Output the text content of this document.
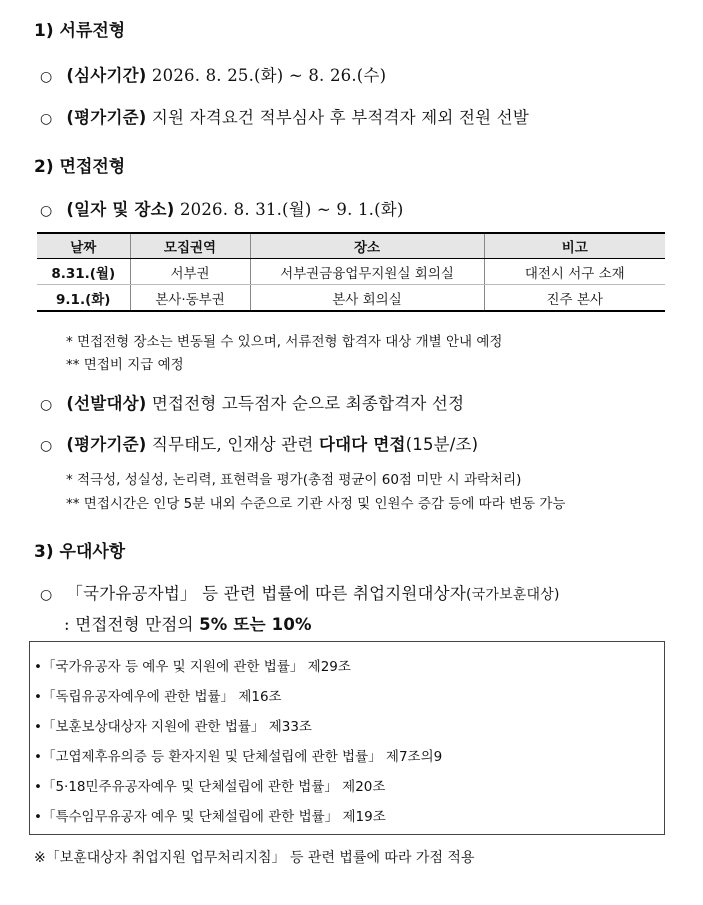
1) 서류전형
○ (심사기간) 2026. 8. 25.(화) ~ 8. 26.(수)
○ (평가기준) 지원 자격요건 적부심사 후 부적격자 제외 전원 선발
2) 면접전형
○ (일자 및 장소) 2026. 8. 31.(월) ~ 9. 1.(화)
날짜	모집권역	장소	비고
8.31.(월)	서부권	서부권금융업무지원실 회의실	대전시 서구 소재
9.1.(화)	본사·동부권	본사 회의실	진주 본사
* 면접전형 장소는 변동될 수 있으며, 서류전형 합격자 대상 개별 안내 예정
** 면접비 지급 예정
○ (선발대상) 면접전형 고득점자 순으로 최종합격자 선정
○ (평가기준) 직무태도, 인재상 관련 다대다 면접(15분/조)
* 적극성, 성실성, 논리력, 표현력을 평가(총점 평균이 60점 미만 시 과락처리)
** 면접시간은 인당 5분 내외 수준으로 기관 사정 및 인원수 증감 등에 따라 변동 가능
3) 우대사항
○ 「국가유공자법」 등 관련 법률에 따른 취업지원대상자(국가보훈대상)
: 면접전형 만점의 5% 또는 10%
•「국가유공자 등 예우 및 지원에 관한 법률」 제29조
•「독립유공자예우에 관한 법률」 제16조
•「보훈보상대상자 지원에 관한 법률」 제33조
•「고엽제후유의증 등 환자지원 및 단체설립에 관한 법률」 제7조의9
•「5·18민주유공자예우 및 단체설립에 관한 법률」 제20조
•「특수임무유공자 예우 및 단체설립에 관한 법률」 제19조
※「보훈대상자 취업지원 업무처리지침」 등 관련 법률에 따라 가점 적용
